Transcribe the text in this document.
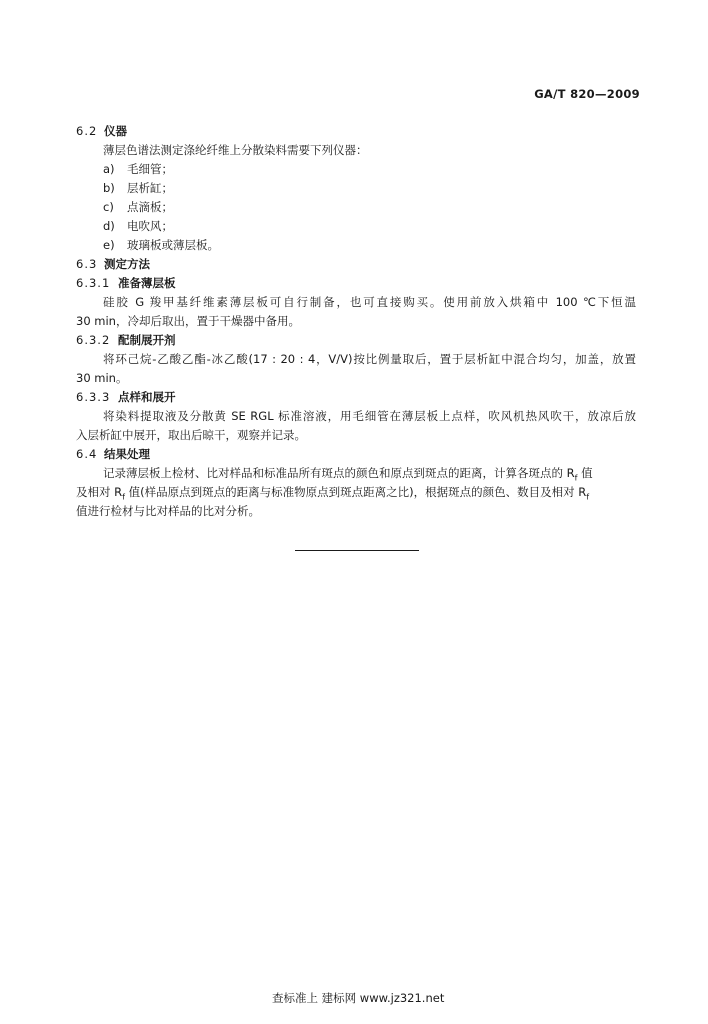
GA/T 820—2009
6.2 仪器
薄层色谱法测定涤纶纤维上分散染料需要下列仪器：
a) 毛细管；
b) 层析缸；
c) 点滴板；
d) 电吹风；
e) 玻璃板或薄层板。
6.3 测定方法
6.3.1 准备薄层板
硅胶 G 羧甲基纤维素薄层板可自行制备，也可直接购买。使用前放入烘箱中 100 ℃下恒温
30 min，冷却后取出，置于干燥器中备用。
6.3.2 配制展开剂
将环己烷-乙酸乙酯-冰乙酸(17 : 20 : 4，V/V)按比例量取后，置于层析缸中混合均匀，加盖，放置
30 min。
6.3.3 点样和展开
将染料提取液及分散黄 SE RGL 标准溶液，用毛细管在薄层板上点样，吹风机热风吹干，放凉后放
入层析缸中展开，取出后晾干，观察并记录。
6.4 结果处理
记录薄层板上检材、比对样品和标准品所有斑点的颜色和原点到斑点的距离，计算各斑点的 $R_f$ 值
及相对 $R_f$ 值(样品原点到斑点的距离与标准物原点到斑点距离之比)，根据斑点的颜色、数目及相对 $R_f$
值进行检材与比对样品的比对分析。
查标准上 建标网 www.jz321.net
